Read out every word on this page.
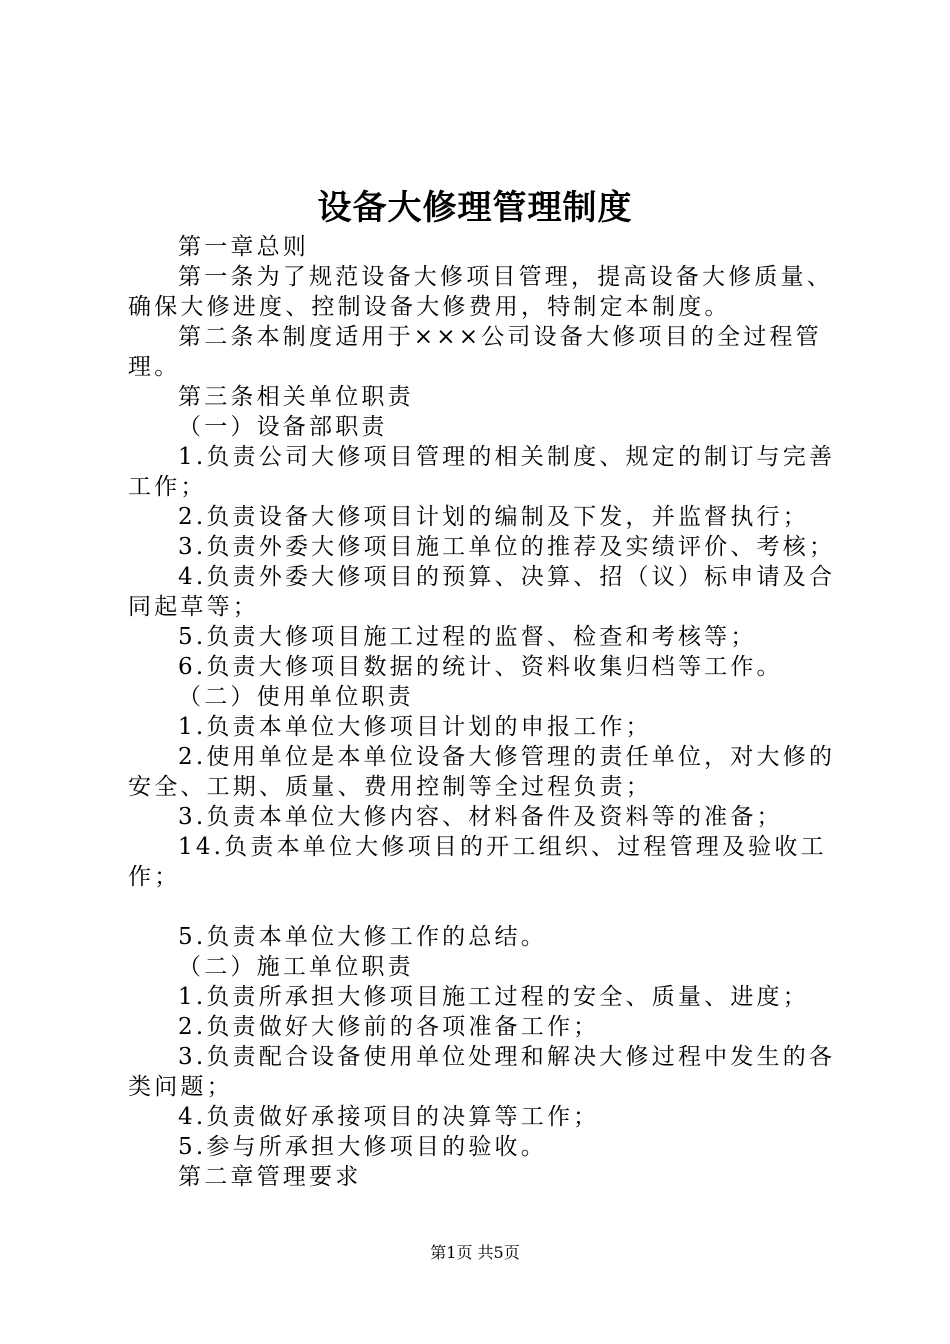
设备大修理管理制度

第一章总则

第一条为了规范设备大修项目管理，提高设备大修质量、确保大修进度、控制设备大修费用，特制定本制度。

第二条本制度适用于×××公司设备大修项目的全过程管理。

第三条相关单位职责

（一）设备部职责

1.负责公司大修项目管理的相关制度、规定的制订与完善工作；

2.负责设备大修项目计划的编制及下发，并监督执行；

3.负责外委大修项目施工单位的推荐及实绩评价、考核；

4.负责外委大修项目的预算、决算、招（议）标申请及合同起草等；

5.负责大修项目施工过程的监督、检查和考核等；

6.负责大修项目数据的统计、资料收集归档等工作。

（二）使用单位职责

1.负责本单位大修项目计划的申报工作；

2.使用单位是本单位设备大修管理的责任单位，对大修的安全、工期、质量、费用控制等全过程负责；

3.负责本单位大修内容、材料备件及资料等的准备；

14.负责本单位大修项目的开工组织、过程管理及验收工作；

5.负责本单位大修工作的总结。

（二）施工单位职责

1.负责所承担大修项目施工过程的安全、质量、进度；

2.负责做好大修前的各项准备工作；

3.负责配合设备使用单位处理和解决大修过程中发生的各类问题；

4.负责做好承接项目的决算等工作；

5.参与所承担大修项目的验收。

第二章管理要求

第1页 共5页
